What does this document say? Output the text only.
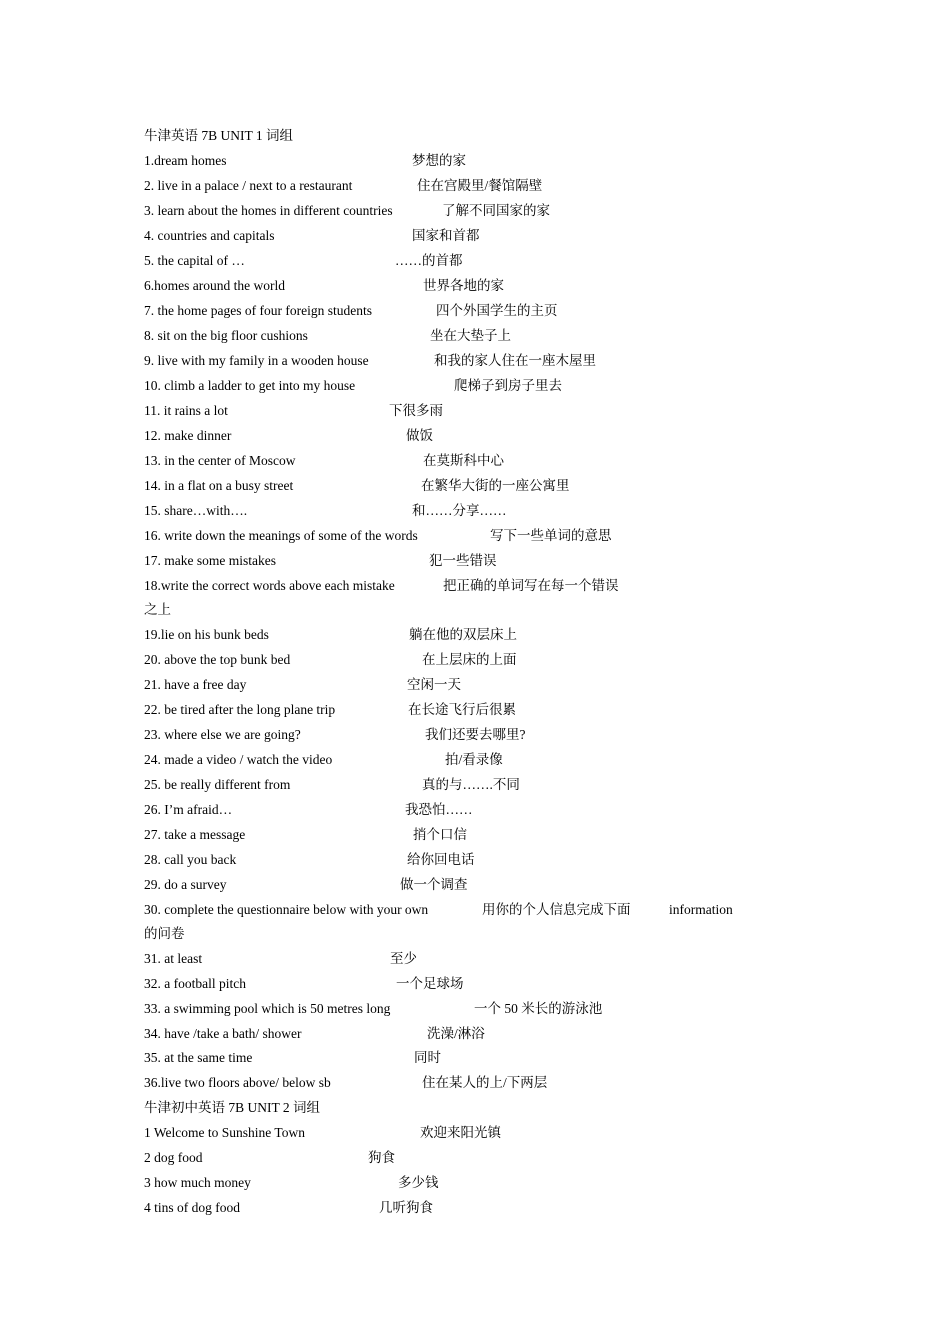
牛津英语 7B UNIT 1 词组
1.dream homes	梦想的家
2. live in a palace / next to a restaurant	住在宫殿里/餐馆隔壁
3. learn about the homes in different countries	了解不同国家的家
4. countries and capitals	国家和首都
5. the capital of …	……的首都
6.homes around the world	世界各地的家
7. the home pages of four foreign students	四个外国学生的主页
8. sit on the big floor cushions	坐在大垫子上
9. live with my family in a wooden house	和我的家人住在一座木屋里
10. climb a ladder to get into my house	爬梯子到房子里去
11. it rains a lot	下很多雨
12. make dinner	做饭
13. in the center of Moscow	在莫斯科中心
14. in a flat on a busy street	在繁华大街的一座公寓里
15. share…with….	和……分享……
16. write down the meanings of some of the words	写下一些单词的意思
17. make some mistakes	犯一些错误
18.write the correct words above each mistake	把正确的单词写在每一个错误
之上
19.lie on his bunk beds	躺在他的双层床上
20. above the top bunk bed	在上层床的上面
21. have a free day	空闲一天
22. be tired after the long plane trip	在长途飞行后很累
23. where else we are going?	我们还要去哪里?
24. made a video / watch the video	拍/看录像
25. be really different from	真的与…….不同
26. I’m afraid…	我恐怕……
27. take a message	捎个口信
28. call you back	给你回电话
29. do a survey	做一个调查
30. complete the questionnaire below with your own	用你的个人信息完成下面	information
的问卷
31. at least	至少
32. a football pitch	一个足球场
33. a swimming pool which is 50 metres long	一个 50 米长的游泳池
34. have /take a bath/ shower	洗澡/淋浴
35. at the same time	同时
36.live two floors above/ below sb	住在某人的上/下两层
牛津初中英语 7B UNIT 2 词组
1 Welcome to Sunshine Town	欢迎来阳光镇
2 dog food	狗食
3 how much money	多少钱
4 tins of dog food	几听狗食
